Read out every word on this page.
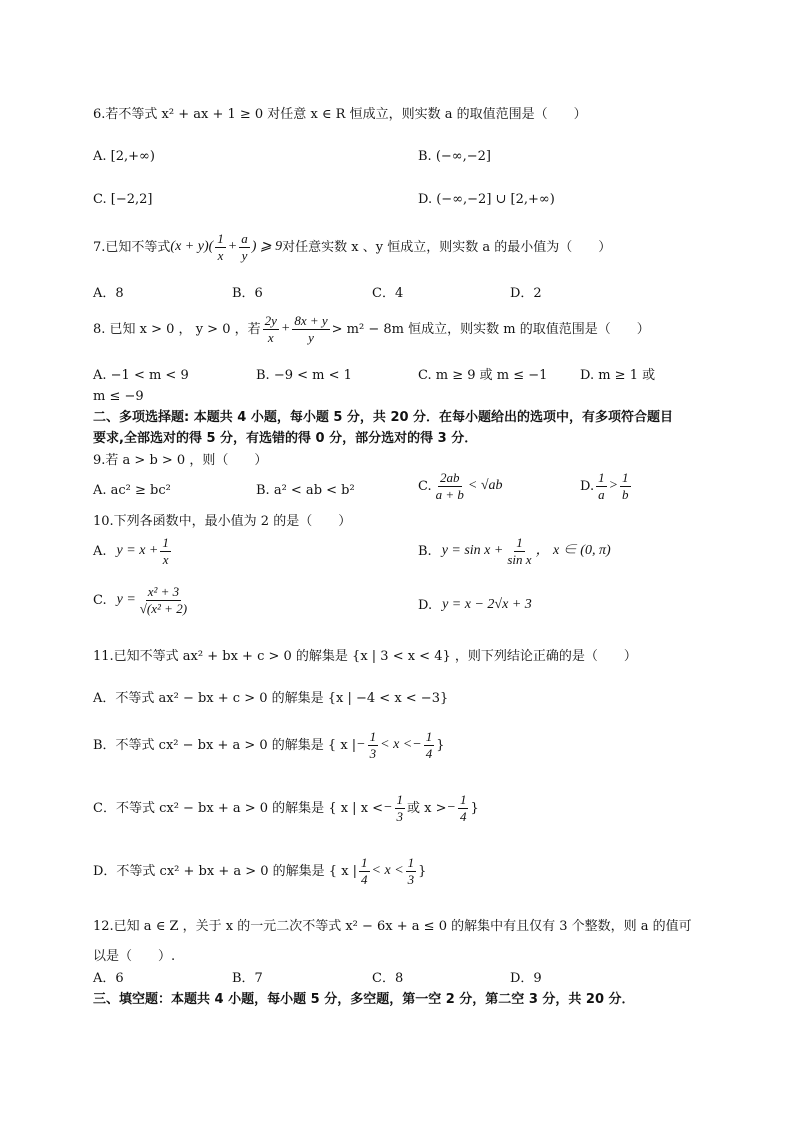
6.若不等式 x² + ax + 1 ≥ 0 对任意 x ∈ R 恒成立，则实数 a 的取值范围是（　　）
A. [2,+∞)	B. (−∞,−2]
C. [−2,2]	D. (−∞,−2] ∪ [2,+∞)
7.已知不等式 $(x + y)( \frac{1}{x} + \frac{a}{y}$ ) ⩾ 9 对任意实数 x 、y 恒成立，则实数 a 的最小值为（　　）
A．8	B．6	C．4	D．2
8. 已知 x > 0 ， y > 0 ，若 $\frac{2y}{x} + \frac{8x + y}{y} > m^2 - 8m$ 恒成立，则实数 m 的取值范围是（　　）
A. −1 < m < 9	B. −9 < m < 1	C. m ≥ 9 或 m ≤ −1	D. m ≥ 1 或
m ≤ −9
二、多项选择题: 本题共 4 小题，每小题 5 分，共 20 分．在每小题给出的选项中，有多项符合题目
要求,全部选对的得 5 分，有选错的得 0 分，部分选对的得 3 分．
9.若 a > b > 0 ，则（　　）
A. ac² ≥ bc²	B. a² < ab < b²	C. $\frac{2ab}{a + b} < √ab$	D. $\frac{1}{a} > \frac{1}{b}$
10.下列各函数中，最小值为 2 的是（　　）
A. $y = x + \frac{1}{x}$	B. $y = \sin x + \frac{1}{\text{sin x}}$ ， x ∈ (0, π)
C. $y = \frac{\text{x² + 3}}{\text{√(x² + 2)}}$	D. y = x − 2√x + 3
11.已知不等式 ax² + bx + c > 0 的解集是 {x | 3 < x < 4} ，则下列结论正确的是（　　）
A．不等式 ax² − bx + c > 0 的解集是 {x | −4 < x < −3}
B．不等式 cx² − bx + a > 0 的解集是 { x | − $\frac{1}{3} < x$ < − $\frac{1}{4}$ }
C．不等式 cx² − bx + a > 0 的解集是 { x | x < − $\frac{1}{3}$ 或 x > − $\frac{1}{4}$ }
D．不等式 cx² + bx + a > 0 的解集是 { x | $\frac{1}{4} < x < \frac{1}{3}$ }
12.已知 a ∈ Z ，关于 x 的一元二次不等式 x² − 6x + a ≤ 0 的解集中有且仅有 3 个整数，则 a 的值可
以是（　　）.
A．6	B．7	C．8	D．9
三、填空题：本题共 4 小题，每小题 5 分，多空题，第一空 2 分，第二空 3 分，共 20 分．
